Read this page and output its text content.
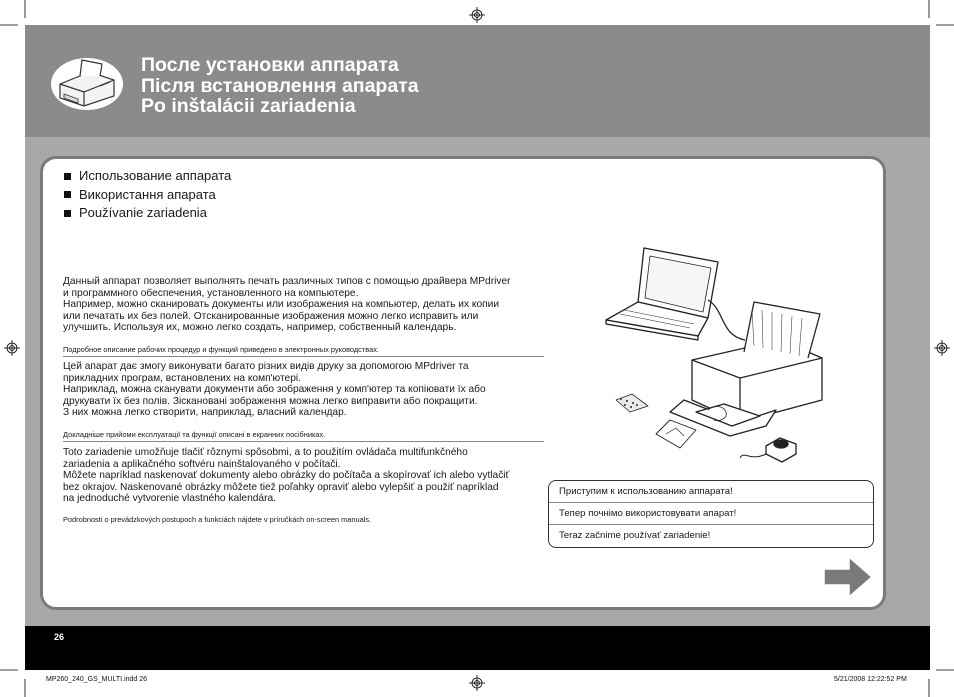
После установки аппарата
Після встановлення апарата
Po inštalácii zariadenia
Использование аппарата
Використання апарата
Používanie zariadenia
Данный аппарат позволяет выполнять печать различных типов с помощью драйвера MPdriver
и программного обеспечения, установленного на компьютере.
Например, можно сканировать документы или изображения на компьютер, делать их копии
или печатать их без полей. Отсканированные изображения можно легко исправить или
улучшить. Используя их, можно легко создать, например, собственный календарь.
Подробное описание рабочих процедур и функций приведено в электронных руководствах.
Цей апарат дає змогу виконувати багато різних видів друку за допомогою MPdriver та
прикладних програм, встановлених на комп'ютері.
Наприклад, можна сканувати документи або зображення у комп'ютер та копіювати їх або
друкувати їх без полів. Зіскановані зображення можна легко виправити або покращити.
З них можна легко створити, наприклад, власний календар.
Докладніше прийоми експлуатації та функції описані в екранних посібниках.
Toto zariadenie umožňuje tlačiť rôznymi spôsobmi, a to použitím ovládača multifunkčného
zariadenia a aplikačného softvéru nainštalovaného v počítači.
Môžete napríklad naskenovať dokumenty alebo obrázky do počítača a skopírovať ich alebo vytlačiť
bez okrajov. Naskenované obrázky môžete tiež poľahky opraviť alebo vylepšiť a použiť napríklad
na jednoduché vytvorenie vlastného kalendára.
Podrobnosti o prevádzkových postupoch a funkciách nájdete v príručkách on-screen manuals.
Приступим к использованию аппарата!
Тепер почнімо використовувати апарат!
Teraz začnime používať zariadenie!
26
MP260_240_GS_MULTI.indd 26	5/21/2008 12:22:52 PM
